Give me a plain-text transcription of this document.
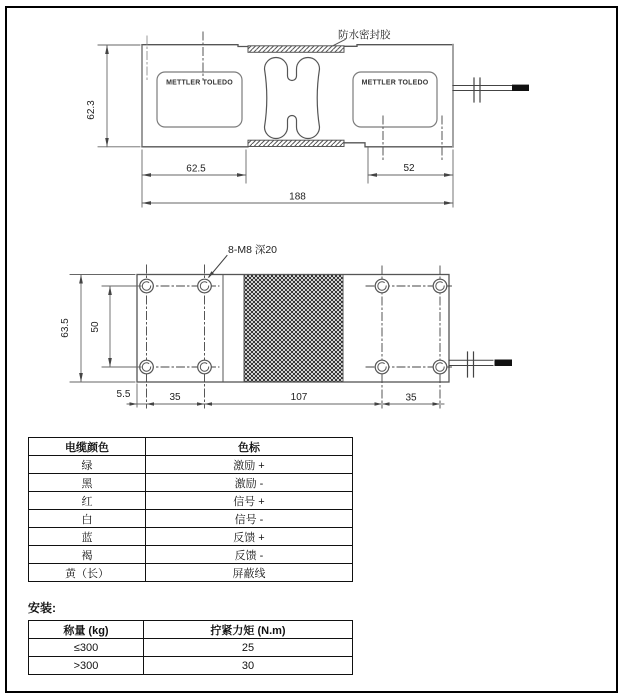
防水密封胶
METTLER TOLEDO	METTLER TOLEDO
62.3
62.5	52
188
8-M8 深20
63.5 50
5.5	35	107	35
电缆颜色	色标
绿	激励 +
黑	激励 -
红	信号 +
白	信号 -
蓝	反馈 +
褐	反馈 -
黄（长）	屏蔽线
安装:
称量 (kg)	拧紧力矩 (N.m)
≤300	25
>300	30
